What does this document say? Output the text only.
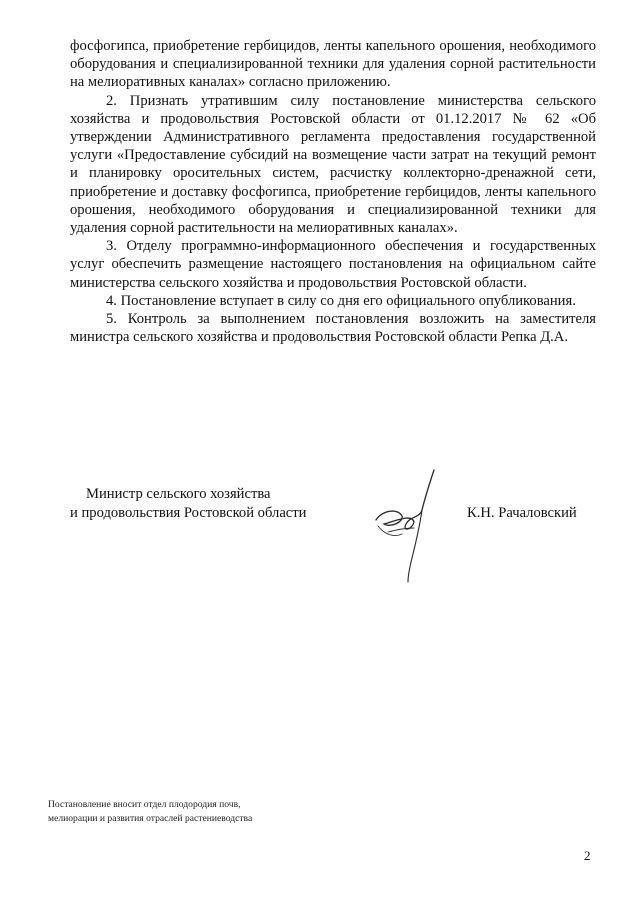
фосфогипса, приобретение гербицидов, ленты капельного орошения, необходимого оборудования и специализированной техники для удаления сорной растительности на мелиоративных каналах» согласно приложению.

2. Признать утратившим силу постановление министерства сельского хозяйства и продовольствия Ростовской области от 01.12.2017 № 62 «Об утверждении Административного регламента предоставления государственной услуги «Предоставление субсидий на возмещение части затрат на текущий ремонт и планировку оросительных систем, расчистку коллекторно-дренажной сети, приобретение и доставку фосфогипса, приобретение гербицидов, ленты капельного орошения, необходимого оборудования и специализированной техники для удаления сорной растительности на мелиоративных каналах».

3. Отделу программно-информационного обеспечения и государственных услуг обеспечить размещение настоящего постановления на официальном сайте министерства сельского хозяйства и продовольствия Ростовской области.

4. Постановление вступает в силу со дня его официального опубликования.

5. Контроль за выполнением постановления возложить на заместителя министра сельского хозяйства и продовольствия Ростовской области Репка Д.А.

Министр сельского хозяйства
и продовольствия Ростовской области	К.Н. Рачаловский
Постановление вносит отдел плодородия почв,
мелиорации и развития отраслей растениеводства
2
